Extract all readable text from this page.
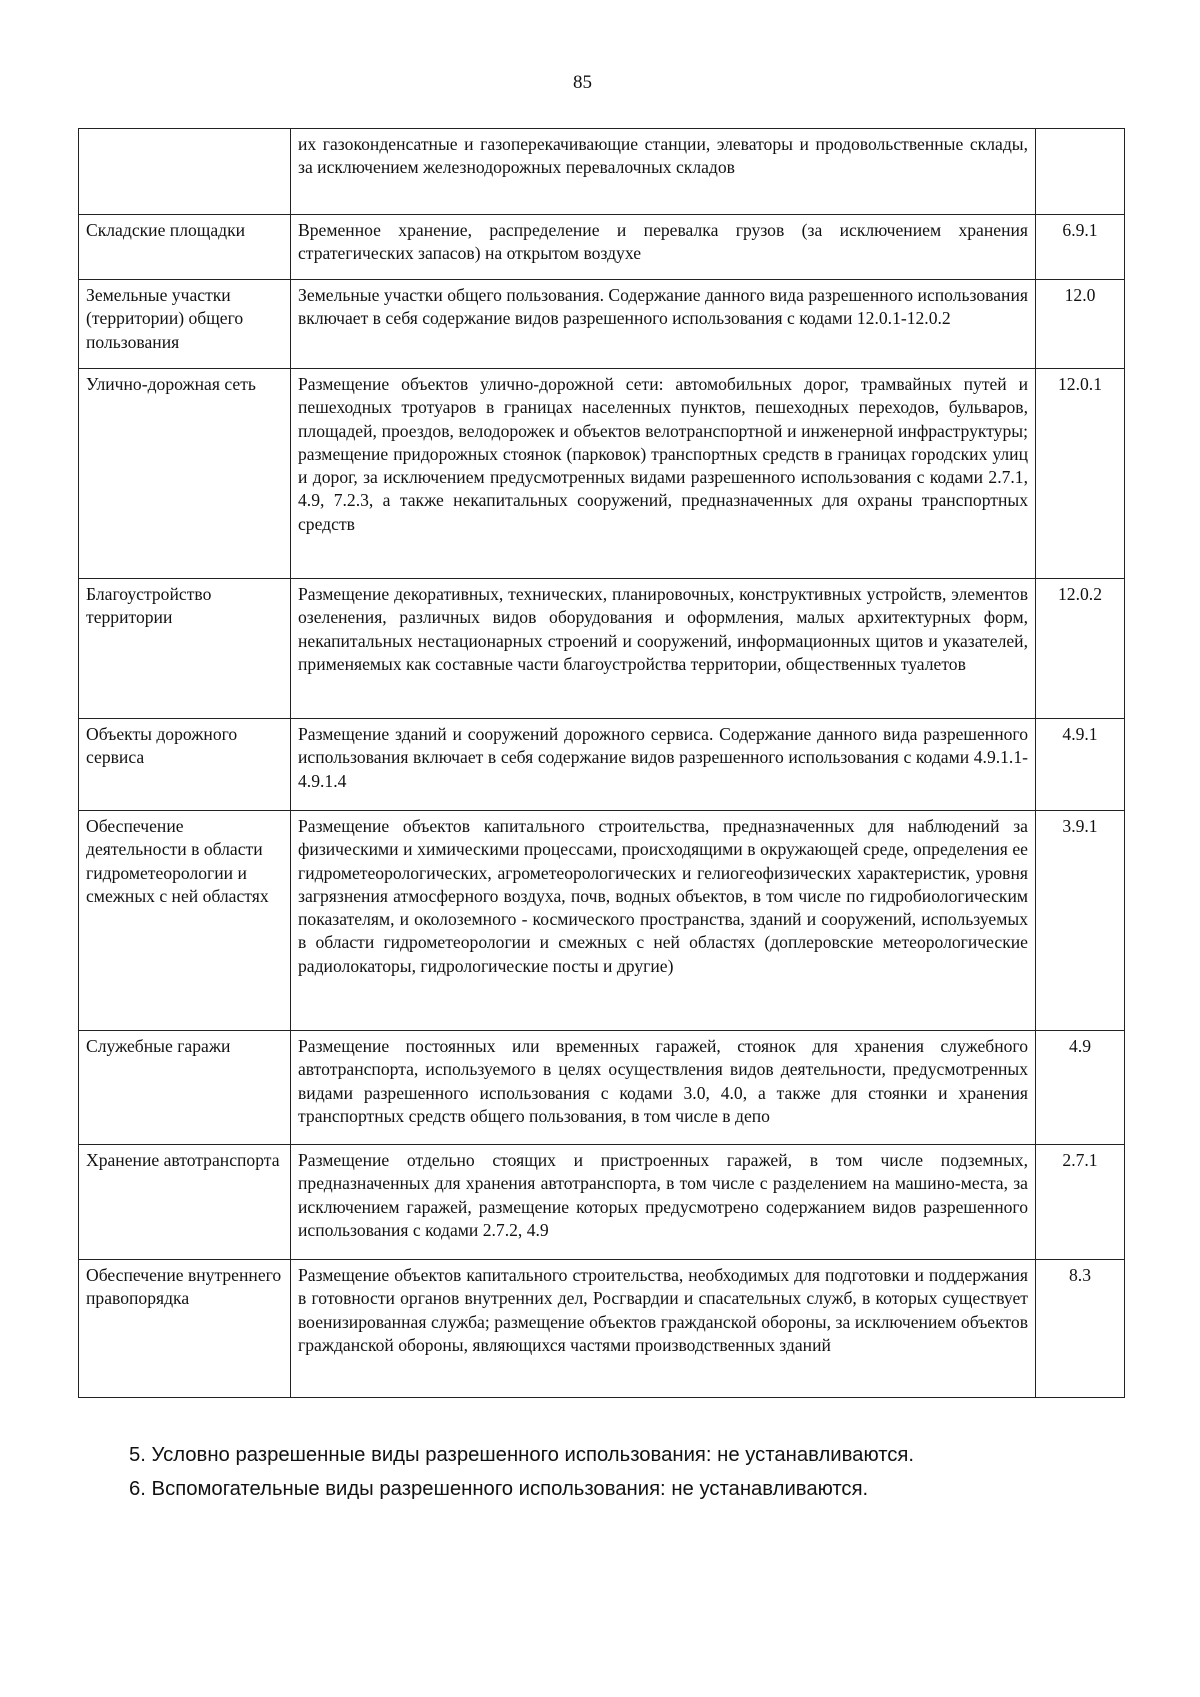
85
	их газоконденсатные и газоперекачивающие станции, элеваторы и продовольственные склады, за исключением железнодорожных перевалочных складов	
Складские площадки	Временное хранение, распределение и перевалка грузов (за исключением хранения стратегических запасов) на открытом воздухе	6.9.1
Земельные участки (территории) общего пользования	Земельные участки общего пользования. Содержание данного вида разрешенного использования включает в себя содержание видов разрешенного использования с кодами 12.0.1-12.0.2	12.0
Улично-дорожная сеть	Размещение объектов улично-дорожной сети: автомобильных дорог, трамвайных путей и пешеходных тротуаров в границах населенных пунктов, пешеходных переходов, бульваров, площадей, проездов, велодорожек и объектов велотранспортной и инженерной инфраструктуры; размещение придорожных стоянок (парковок) транспортных средств в границах городских улиц и дорог, за исключением предусмотренных видами разрешенного использования с кодами 2.7.1, 4.9, 7.2.3, а также некапитальных сооружений, предназначенных для охраны транспортных средств	12.0.1
Благоустройство территории	Размещение декоративных, технических, планировочных, конструктивных устройств, элементов озеленения, различных видов оборудования и оформления, малых архитектурных форм, некапитальных нестационарных строений и сооружений, информационных щитов и указателей, применяемых как составные части благоустройства территории, общественных туалетов	12.0.2
Объекты дорожного сервиса	Размещение зданий и сооружений дорожного сервиса. Содержание данного вида разрешенного использования включает в себя содержание видов разрешенного использования с кодами 4.9.1.1-4.9.1.4	4.9.1
Обеспечение деятельности в области гидрометеорологии и смежных с ней областях	Размещение объектов капитального строительства, предназначенных для наблюдений за физическими и химическими процессами, происходящими в окружающей среде, определения ее гидрометеорологических, агрометеорологических и гелиогеофизических характеристик, уровня загрязнения атмосферного воздуха, почв, водных объектов, в том числе по гидробиологическим показателям, и околоземного - космического пространства, зданий и сооружений, используемых в области гидрометеорологии и смежных с ней областях (доплеровские метеорологические радиолокаторы, гидрологические посты и другие)	3.9.1
Служебные гаражи	Размещение постоянных или временных гаражей, стоянок для хранения служебного автотранспорта, используемого в целях осуществления видов деятельности, предусмотренных видами разрешенного использования с кодами 3.0, 4.0, а также для стоянки и хранения транспортных средств общего пользования, в том числе в депо	4.9
Хранение автотранспорта	Размещение отдельно стоящих и пристроенных гаражей, в том числе подземных, предназначенных для хранения автотранспорта, в том числе с разделением на машино-места, за исключением гаражей, размещение которых предусмотрено содержанием видов разрешенного использования с кодами 2.7.2, 4.9	2.7.1
Обеспечение внутреннего правопорядка	Размещение объектов капитального строительства, необходимых для подготовки и поддержания в готовности органов внутренних дел, Росгвардии и спасательных служб, в которых существует военизированная служба; размещение объектов гражданской обороны, за исключением объектов гражданской обороны, являющихся частями производственных зданий	8.3
5. Условно разрешенные виды разрешенного использования: не устанавливаются.
6. Вспомогательные виды разрешенного использования: не устанавливаются.
